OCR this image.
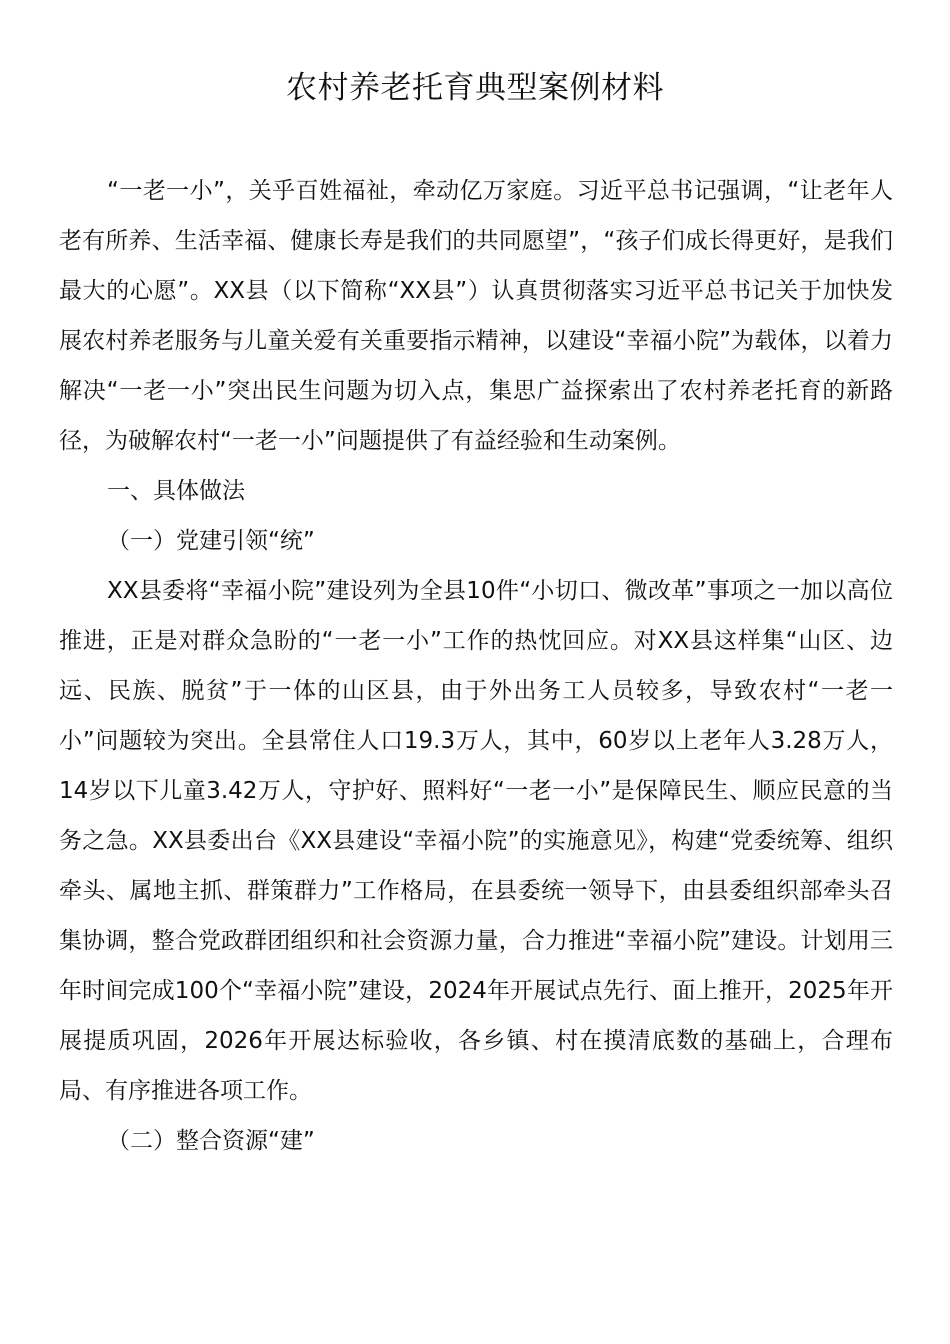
农村养老托育典型案例材料

“一老一小”，关乎百姓福祉，牵动亿万家庭。习近平总书记强调，“让老年人老有所养、生活幸福、健康长寿是我们的共同愿望”，“孩子们成长得更好，是我们最大的心愿”。XX县（以下简称“XX县”）认真贯彻落实习近平总书记关于加快发展农村养老服务与儿童关爱有关重要指示精神，以建设“幸福小院”为载体，以着力解决“一老一小”突出民生问题为切入点，集思广益探索出了农村养老托育的新路径，为破解农村“一老一小”问题提供了有益经验和生动案例。

一、具体做法

（一）党建引领“统”

XX县委将“幸福小院”建设列为全县10件“小切口、微改革”事项之一加以高位推进，正是对群众急盼的“一老一小”工作的热忱回应。对XX县这样集“山区、边远、民族、脱贫”于一体的山区县，由于外出务工人员较多，导致农村“一老一小”问题较为突出。全县常住人口19.3万人，其中，60岁以上老年人3.28万人，14岁以下儿童3.42万人，守护好、照料好“一老一小”是保障民生、顺应民意的当务之急。XX县委出台《XX县建设“幸福小院”的实施意见》，构建“党委统筹、组织牵头、属地主抓、群策群力”工作格局，在县委统一领导下，由县委组织部牵头召集协调，整合党政群团组织和社会资源力量，合力推进“幸福小院”建设。计划用三年时间完成100个“幸福小院”建设，2024年开展试点先行、面上推开，2025年开展提质巩固，2026年开展达标验收，各乡镇、村在摸清底数的基础上，合理布局、有序推进各项工作。

（二）整合资源“建”
